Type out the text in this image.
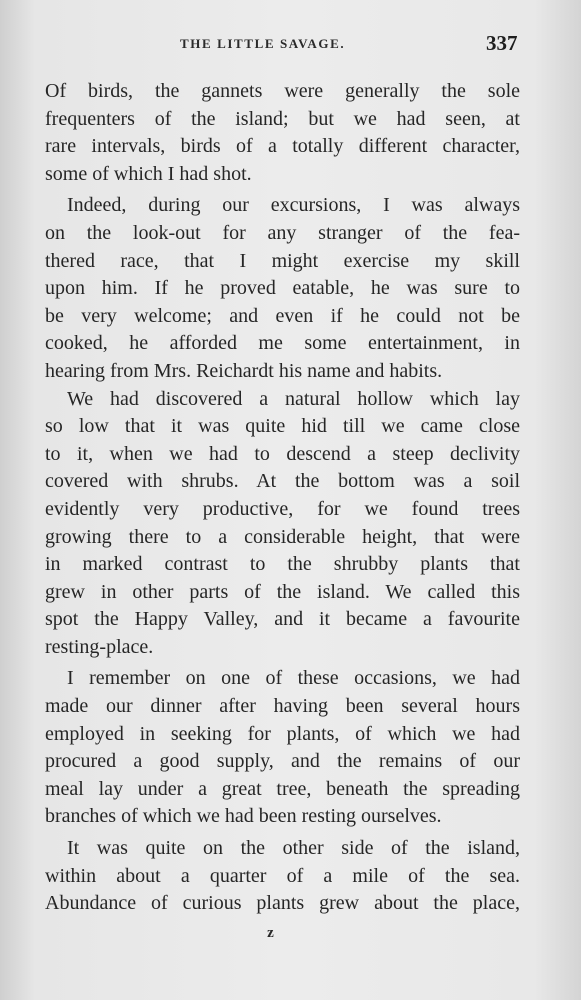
THE LITTLE SAVAGE.	337
Of birds, the gannets were generally the sole
frequenters of the island; but we had seen, at
rare intervals, birds of a totally different character,
some of which I had shot.
Indeed, during our excursions, I was always
on the look-out for any stranger of the fea-
thered race, that I might exercise my skill
upon him. If he proved eatable, he was sure to
be very welcome; and even if he could not be
cooked, he afforded me some entertainment, in
hearing from Mrs. Reichardt his name and habits.
We had discovered a natural hollow which lay
so low that it was quite hid till we came close
to it, when we had to descend a steep declivity
covered with shrubs. At the bottom was a soil
evidently very productive, for we found trees
growing there to a considerable height, that were
in marked contrast to the shrubby plants that
grew in other parts of the island. We called this
spot the Happy Valley, and it became a favourite
resting-place.
I remember on one of these occasions, we had
made our dinner after having been several hours
employed in seeking for plants, of which we had
procured a good supply, and the remains of our
meal lay under a great tree, beneath the spreading
branches of which we had been resting ourselves.
It was quite on the other side of the island,
within about a quarter of a mile of the sea.
Abundance of curious plants grew about the place,
z
